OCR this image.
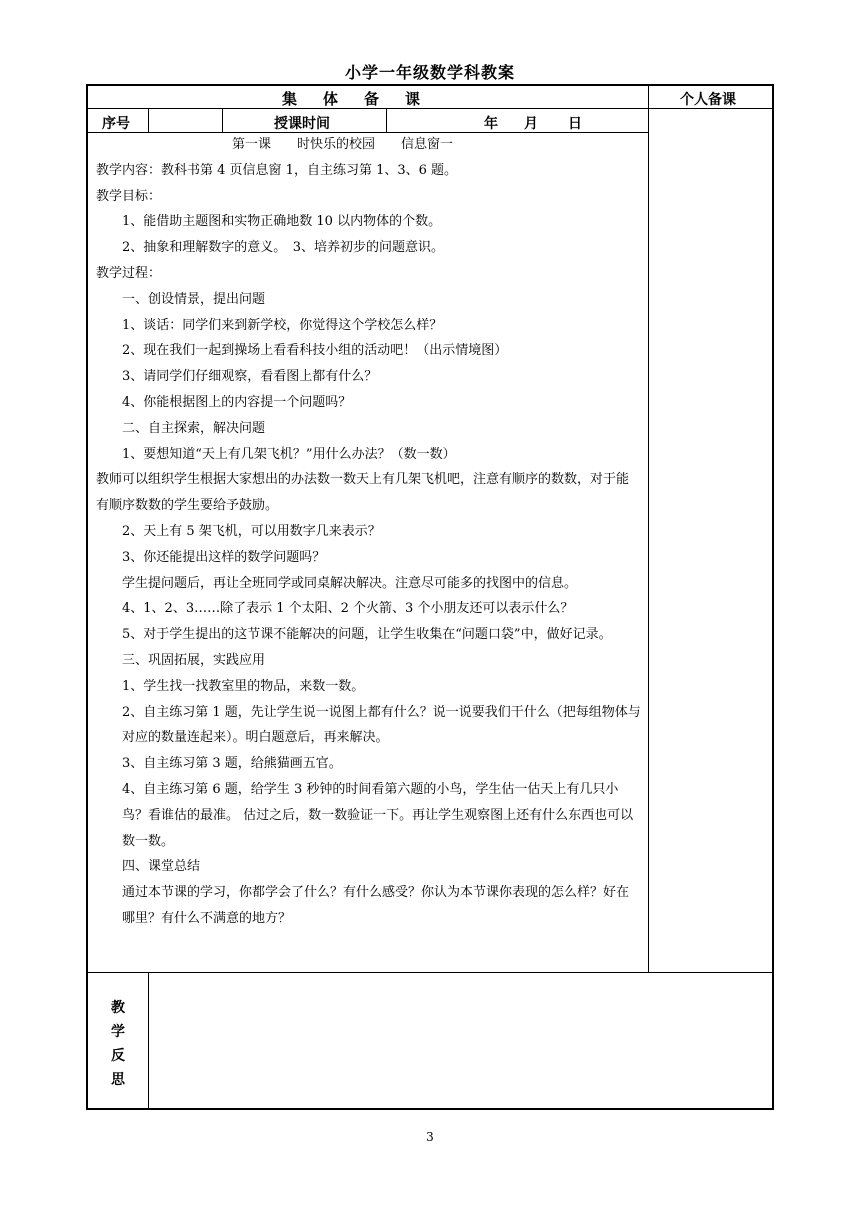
小学一年级数学科教案
集体备课	个人备课
序号	授课时间	年 月 日

第一课　　时快乐的校园　　信息窗一

教学内容：教科书第 4 页信息窗 1，自主练习第 1、3、6 题。

教学目标：

1、能借助主题图和实物正确地数 10 以内物体的个数。

2、抽象和理解数字的意义。　3、培养初步的问题意识。

教学过程：

一、创设情景，提出问题

1、谈话：同学们来到新学校，你觉得这个学校怎么样？

2、现在我们一起到操场上看看科技小组的活动吧！（出示情境图）

3、请同学们仔细观察，看看图上都有什么？

4、你能根据图上的内容提一个问题吗？

二、自主探索，解决问题

1、要想知道“天上有几架飞机？”用什么办法？（数一数）

教师可以组织学生根据大家想出的办法数一数天上有几架飞机吧，注意有顺序的数数，对于能有顺序数数的学生要给予鼓励。

2、天上有 5 架飞机，可以用数字几来表示？

3、你还能提出这样的数学问题吗？

学生提问题后，再让全班同学或同桌解决解决。注意尽可能多的找图中的信息。

4、1、2、3……除了表示 1 个太阳、2 个火箭、3 个小朋友还可以表示什么？

5、对于学生提出的这节课不能解决的问题，让学生收集在“问题口袋”中，做好记录。

三、巩固拓展，实践应用

1、学生找一找教室里的物品，来数一数。

2、自主练习第 1 题，先让学生说一说图上都有什么？说一说要我们干什么（把每组物体与对应的数量连起来）。明白题意后，再来解决。

3、自主练习第 3 题，给熊猫画五官。

4、自主练习第 6 题，给学生 3 秒钟的时间看第六题的小鸟，学生估一估天上有几只小鸟？看谁估的最准。 估过之后，数一数验证一下。再让学生观察图上还有什么东西也可以数一数。

四、课堂总结

通过本节课的学习，你都学会了什么？有什么感受？你认为本节课你表现的怎么样？好在哪里？有什么不满意的地方？

教
学
反
思
3
